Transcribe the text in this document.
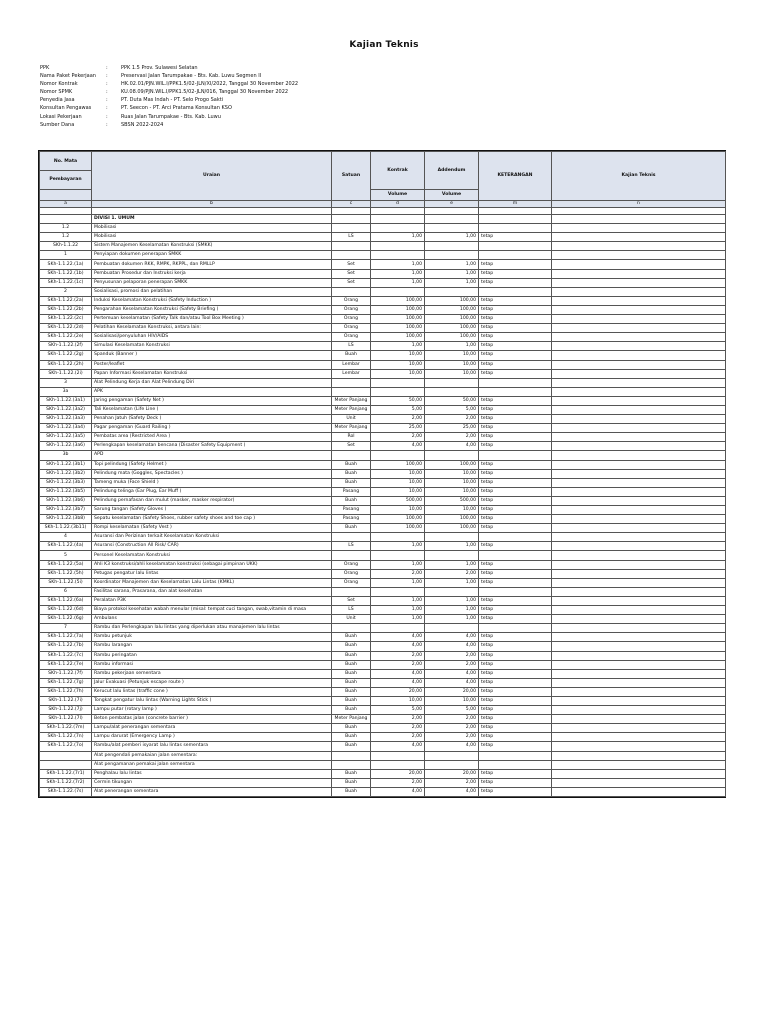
Kajian Teknis
PPK	:	PPK 1.5 Prov. Sulawesi Selatan
Nama Paket Pekerjaan	:	Preservasi Jalan Tarumpakae - Bts. Kab. Luwu Segmen II
Nomor Kontrak	:	HK.02.01/PJN.WIL.I/PPK1.5/02-JLN/XI/2022, Tanggal 30 November 2022
Nomor SPMK	:	KU.08.09/PJN.WIL.I/PPK1.5/02-JLN/016, Tanggal 30 November 2022
Penyedia Jasa	:	PT. Duta Mas Indah - PT. Selo Progo Sakti
Konsultan Pengawas	:	PT. Seecon - PT. Arci Pratama Konsultan KSO
Lokasi Pekerjaan	:	Ruas Jalan Tarumpakae - Bts. Kab. Luwu
Sumber Dana	:	SBSN 2022-2024
No. Mata	Uraian	Satuan	Kontrak	Addendum	KETERANGAN	Kajian Teknis
Pembayaran						
			Volume	Volume		
a	b	c	d	e	m	n

	DIVISI 1. UMUM					
1.2	Mobilisasi					
1.2	Mobilisasi	LS	1,00	1,00	tetap	
SKh-1.1.22	Sistem Manajemen Keselamatan Konstruksi (SMKK)					
1	Penyiapan dokumen penerapan SMKK					
SKh-1.1.22.(1a)	Pembuatan dokumen RKK, RMPK, RKPPL, dan RMLLP	Set	1,00	1,00	tetap	
SKh-1.1.22.(1b)	Pembuatan Prosedur dan Instruksi kerja	Set	1,00	1,00	tetap	
SKh-1.1.22.(1c)	Penyusunan pelaporan penerapan SMKK	Set	1,00	1,00	tetap	
2	Sosialisasi, promosi dan pelatihan					
SKh-1.1.22.(2a)	Induksi Keselamatan Konstruksi (Safety Induction )	Orang	100,00	100,00	tetap	
SKh-1.1.22.(2b)	Pengarahan Keselamatan Konstruksi (Safety Briefing )	Orang	100,00	100,00	tetap	
SKh-1.1.22.(2c)	Pertemuan keselamatan (Safety Talk dan/atau Tool Box Meeting )	Orang	100,00	100,00	tetap	
SKh-1.1.22.(2d)	Pelatihan Keselamatan Konstruksi, antara lain:	Orang	100,00	100,00	tetap	
SKh-1.1.22.(2e)	Sosialisasi/penyuluhan HIV/AIDS	Orang	100,00	100,00	tetap	
SKh-1.1.22.(2f)	Simulasi Keselamatan Konstruksi	LS	1,00	1,00	tetap	
SKh-1.1.22.(2g)	Spanduk (Banner )	Buah	10,00	10,00	tetap	
SKh-1.1.22.(2h)	Poster/leaflet	Lembar	10,00	10,00	tetap	
SKh-1.1.22.(2i)	Papan Informasi Keselamatan Konstruksi	Lembar	10,00	10,00	tetap	
3	Alat Pelindung Kerja dan Alat Pelindung Diri					
3a	APK					
SKh-1.1.22.(3a1)	Jaring pengaman (Safety Net )	Meter Panjang	50,00	50,00	tetap	
SKh-1.1.22.(3a2)	Tali Keselamatan (Life Line )	Meter Panjang	5,00	5,00	tetap	
SKh-1.1.22.(3a3)	Penahan Jatuh (Safety Deck )	Unit	2,00	2,00	tetap	
SKh-1.1.22.(3a4)	Pagar pengaman (Guard Railing )	Meter Panjang	25,00	25,00	tetap	
SKh-1.1.22.(3a5)	Pembatas area (Restricted Area )	Rol	2,00	2,00	tetap	
SKh-1.1.22.(3a6)	Perlengkapan keselamatan bencana (Disaster Safety Equipment )	Set	4,00	4,00	tetap	
3b	APD					
SKh-1.1.22.(3b1)	Topi pelindung (Safety Helmet )	Buah	100,00	100,00	tetap	
SKh-1.1.22.(3b2)	Pelindung mata (Goggles, Spectacles )	Buah	10,00	10,00	tetap	
SKh-1.1.22.(3b3)	Tameng muka (Face Shield )	Buah	10,00	10,00	tetap	
SKh-1.1.22.(3b5)	Pelindung telinga (Ear Plug, Ear Muff )	Pasang	10,00	10,00	tetap	
SKh-1.1.22.(3b6)	Pelindung pernafasan dan mulut (masker, masker respirator)	Buah	500,00	500,00	tetap	
SKh-1.1.22.(3b7)	Sarung tangan (Safety Gloves )	Pasang	10,00	10,00	tetap	
SKh-1.1.22.(3b8)	Sepatu keselamatan (Safety Shoes, rubber safety shoes and toe cap )	Pasang	100,00	100,00	tetap	
SKh-1.1.22.(3b11)	Rompi keselamatan (Safety Vest )	Buah	100,00	100,00	tetap	
4	Asuransi dan Perizinan terkait Keselamatan Konstruksi					
SKh-1.1.22.(4a)	Asuransi (Construction All Risk/ CAR)	LS	1,00	1,00	tetap	
5	Personel Keselamatan Konstruksi					
SKh-1.1.22.(5a)	Ahli K3 konstruksi/ahli keselamatan konstruksi (sebagai pimpinan UKK)	Orang	1,00	1,00	tetap	
SKh-1.1.22.(5h)	Petugas pengatur lalu lintas	Orang	2,00	2,00	tetap	
SKh-1.1.22.(5i)	Koordinator Manajemen dan Keselamatan Lalu Lintas (KMKL)	Orang	1,00	1,00	tetap	
6	Fasilitas sarana, Prasarana, dan alat kesehatan					
SKh-1.1.22.(6a)	Peralatan P3K	Set	1,00	1,00	tetap	
SKh-1.1.22.(6d)	Biaya protokol kesehatan wabah menular (misal: tempat cuci tangan, swab,vitamin di masa	LS	1,00	1,00	tetap	
SKh-1.1.22.(6g)	Ambulans	Unit	1,00	1,00	tetap	
7	Rambu dan Perlengkapan lalu lintas yang diperlukan atau manajemen lalu lintas					
SKh-1.1.22.(7a)	Rambu petunjuk	Buah	4,00	4,00	tetap	
SKh-1.1.22.(7b)	Rambu larangan	Buah	4,00	4,00	tetap	
SKh-1.1.22.(7c)	Rambu peringatan	Buah	2,00	2,00	tetap	
SKh-1.1.22.(7e)	Rambu informasi	Buah	2,00	2,00	tetap	
SKh-1.1.22.(7f)	Rambu pekerjaan sementara	Buah	4,00	4,00	tetap	
SKh-1.1.22.(7g)	Jalur Evakuasi (Petunjuk escape route )	Buah	4,00	4,00	tetap	
SKh-1.1.22.(7h)	Kerucut lalu lintas (traffic cone )	Buah	20,00	20,00	tetap	
SKh-1.1.22.(7i)	Tongkat pengatur lalu lintas (Warning Lights Stick )	Buah	10,00	10,00	tetap	
SKh-1.1.22.(7j)	Lampu putar (rotary lamp )	Buah	5,00	5,00	tetap	
SKh-1.1.22.(7l)	Beton pembatas jalan (concrete barrier )	Meter Panjang	2,00	2,00	tetap	
SKh-1.1.22.(7m)	Lampu/alat penerangan sementara	Buah	2,00	2,00	tetap	
SKh-1.1.22.(7n)	Lampu darurat (Emergency Lamp )	Buah	2,00	2,00	tetap	
SKh-1.1.22.(7o)	Rambu/alat pemberi isyarat lalu lintas sementara	Buah	4,00	4,00	tetap	
	Alat pengendali pemakaian jalan sementara:					
	Alat pengamanan pemakai jalan sementara					
SKh-1.1.22.(7r1)	Penghalau lalu lintas	Buah	20,00	20,00	tetap	
SKh-1.1.22.(7r2)	Cermin tikungan	Buah	2,00	2,00	tetap	
SKh-1.1.22.(7s)	Alat penerangan sementara	Buah	4,00	4,00	tetap	
